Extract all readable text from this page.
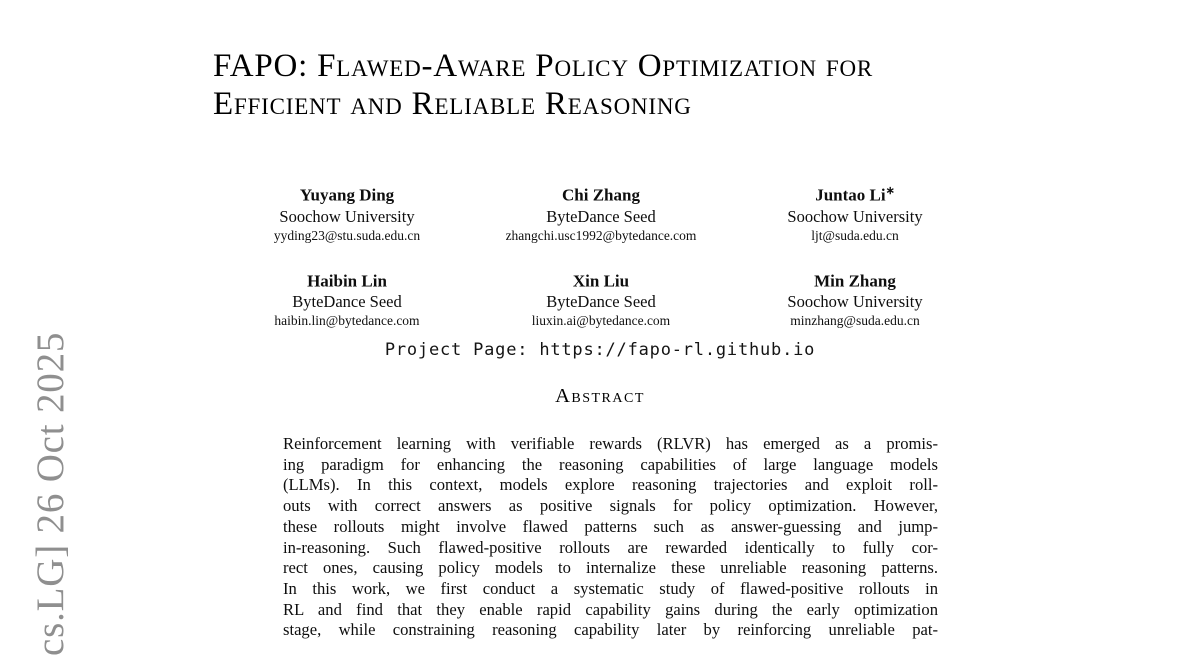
cs.LG] 26 Oct 2025
FAPO: Flawed-Aware Policy Optimization for
Efficient and Reliable Reasoning
Yuyang Ding
Soochow University
yyding23@stu.suda.edu.cn
Chi Zhang
ByteDance Seed
zhangchi.usc1992@bytedance.com
Juntao Li∗
Soochow University
ljt@suda.edu.cn
Haibin Lin
ByteDance Seed
haibin.lin@bytedance.com
Xin Liu
ByteDance Seed
liuxin.ai@bytedance.com
Min Zhang
Soochow University
minzhang@suda.edu.cn
Project Page: https://fapo-rl.github.io
Abstract
Reinforcement learning with verifiable rewards (RLVR) has emerged as a promis-
ing paradigm for enhancing the reasoning capabilities of large language models
(LLMs). In this context, models explore reasoning trajectories and exploit roll-
outs with correct answers as positive signals for policy optimization. However,
these rollouts might involve flawed patterns such as answer-guessing and jump-
in-reasoning. Such flawed-positive rollouts are rewarded identically to fully cor-
rect ones, causing policy models to internalize these unreliable reasoning patterns.
In this work, we first conduct a systematic study of flawed-positive rollouts in
RL and find that they enable rapid capability gains during the early optimization
stage, while constraining reasoning capability later by reinforcing unreliable pat-
